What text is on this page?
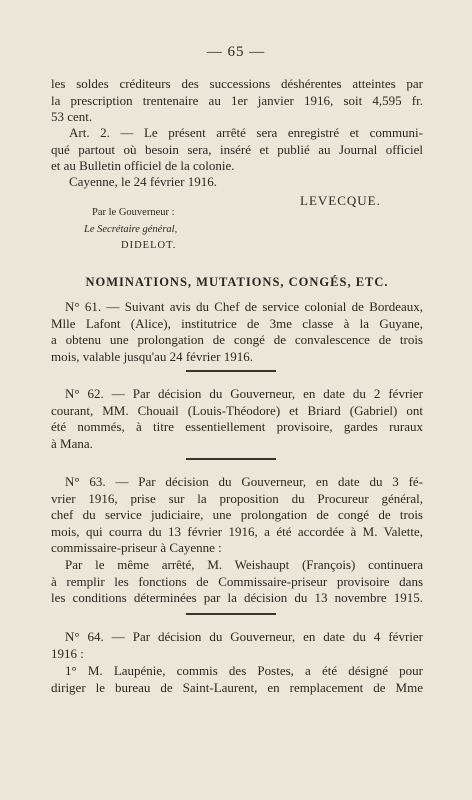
— 65 —
les soldes créditeurs des successions déshérentes atteintes par
la prescription trentenaire au 1er janvier 1916, soit 4,595 fr.
53 cent.
Art. 2. — Le présent arrêté sera enregistré et communi-
qué partout où besoin sera, inséré et publié au Journal officiel
et au Bulletin officiel de la colonie.
Cayenne, le 24 février 1916.
LEVECQUE.
Par le Gouverneur :
Le Secrétaire général,
DIDELOT.
NOMINATIONS, MUTATIONS, CONGÉS, ETC.
N° 61. — Suivant avis du Chef de service colonial de Bordeaux,
Mlle Lafont (Alice), institutrice de 3me classe à la Guyane,
a obtenu une prolongation de congé de convalescence de trois
mois, valable jusqu'au 24 février 1916.
N° 62. — Par décision du Gouverneur, en date du 2 février
courant, MM. Chouail (Louis-Théodore) et Briard (Gabriel) ont
été nommés, à titre essentiellement provisoire, gardes ruraux
à Mana.
N° 63. — Par décision du Gouverneur, en date du 3 fé-
vrier 1916, prise sur la proposition du Procureur général,
chef du service judiciaire, une prolongation de congé de trois
mois, qui courra du 13 février 1916, a été accordée à M. Valette,
commissaire-priseur à Cayenne :
Par le même arrêté, M. Weishaupt (François) continuera
à remplir les fonctions de Commissaire-priseur provisoire dans
les conditions déterminées par la décision du 13 novembre 1915.
N° 64. — Par décision du Gouverneur, en date du 4 février
1916 :
1° M. Laupénie, commis des Postes, a été désigné pour
diriger le bureau de Saint-Laurent, en remplacement de Mme
